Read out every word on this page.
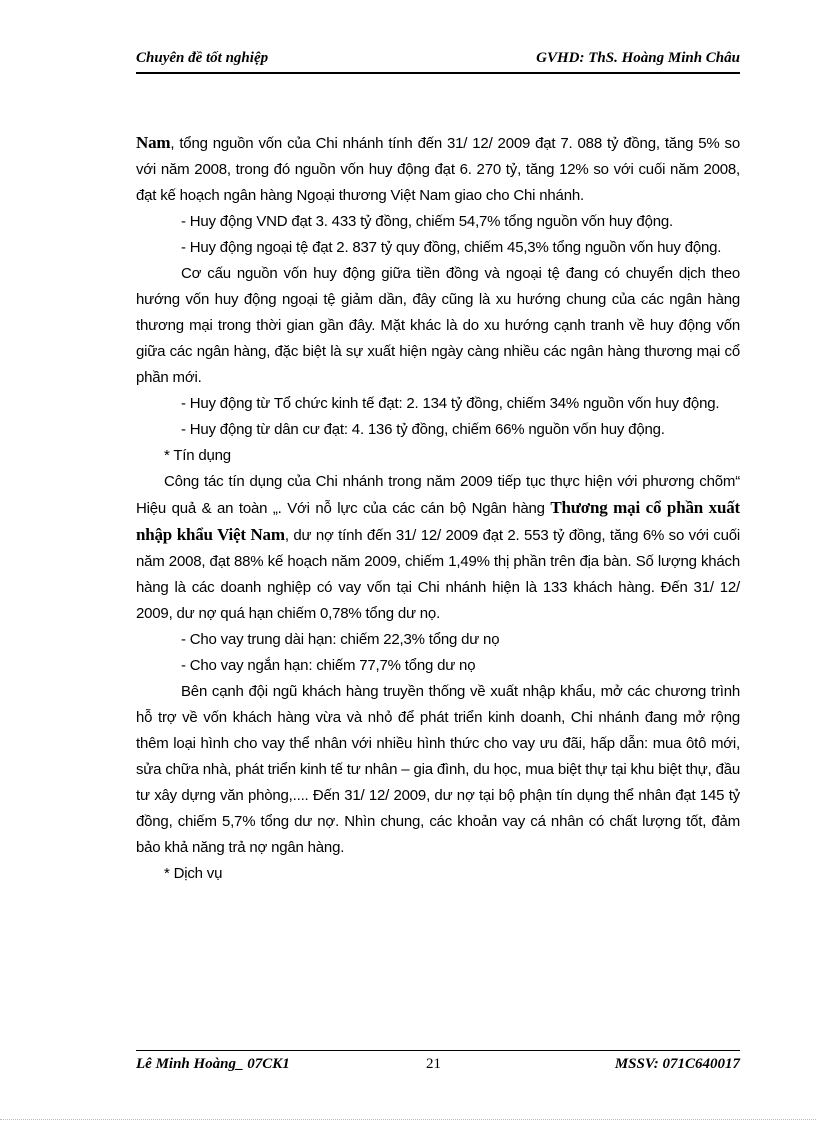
Chuyên đề tốt nghiệp	GVHD: ThS. Hoàng Minh Châu

Nam, tổng nguồn vốn của Chi nhánh tính đến 31/ 12/ 2009 đạt 7. 088 tỷ đồng, tăng 5% so với năm 2008, trong đó nguồn vốn huy động đạt 6. 270 tỷ, tăng 12% so với cuối năm 2008, đạt kế hoạch ngân hàng Ngoại thương Việt Nam giao cho Chi nhánh.

- Huy động VND đạt 3. 433 tỷ đồng, chiếm 54,7% tổng nguồn vốn huy động.

- Huy động ngoại tệ đạt 2. 837 tỷ quy đồng, chiếm 45,3% tổng nguồn vốn huy động.

Cơ cấu nguồn vốn huy động giữa tiền đồng và ngoại tệ đang có chuyển dịch theo hướng vốn huy động ngoại tệ giảm dần, đây cũng là xu hướng chung của các ngân hàng thương mại trong thời gian gần đây. Mặt khác là do xu hướng cạnh tranh về huy động vốn giữa các ngân hàng, đặc biệt là sự xuất hiện ngày càng nhiều các ngân hàng thương mại cổ phần mới.

- Huy động từ Tổ chức kinh tế đạt: 2. 134 tỷ đồng, chiếm 34% nguồn vốn huy động.

- Huy động từ dân cư đạt: 4. 136 tỷ đồng, chiếm 66% nguồn vốn huy động.

* Tín dụng

Công tác tín dụng của Chi nhánh trong năm 2009 tiếp tục thực hiện với phương chõm“ Hiệu quả & an toàn „. Với nỗ lực của các cán bộ Ngân hàng Thương mại cổ phần xuất nhập khẩu Việt Nam, dư nợ tính đến 31/ 12/ 2009 đạt 2. 553 tỷ đồng, tăng 6% so với cuối năm 2008, đạt 88% kế hoạch năm 2009, chiếm 1,49% thị phần trên địa bàn. Số lượng khách hàng là các doanh nghiệp có vay vốn tại Chi nhánh hiện là 133 khách hàng. Đến 31/ 12/ 2009, dư nợ quá hạn chiếm 0,78% tổng dư nọ.

- Cho vay trung dài hạn: chiếm 22,3% tổng dư nọ

- Cho vay ngắn hạn: chiếm 77,7% tổng dư nọ

Bên cạnh đội ngũ khách hàng truyền thống về xuất nhập khẩu, mở các chương trình hỗ trợ về vốn khách hàng vừa và nhỏ để phát triển kinh doanh, Chi nhánh đang mở rộng thêm loại hình cho vay thể nhân với nhiều hình thức cho vay ưu đãi, hấp dẫn: mua ôtô mới, sửa chữa nhà, phát triển kinh tế tư nhân – gia đình, du học, mua biệt thự tại khu biệt thự, đầu tư xây dựng văn phòng,.... Đến 31/ 12/ 2009, dư nợ tại bộ phận tín dụng thể nhân đạt 145 tỷ đồng, chiếm 5,7% tổng dư nợ. Nhìn chung, các khoản vay cá nhân có chất lượng tốt, đảm bảo khả năng trả nợ ngân hàng.

* Dịch vụ

Lê Minh Hoàng_ 07CK1	21	MSSV: 071C640017
